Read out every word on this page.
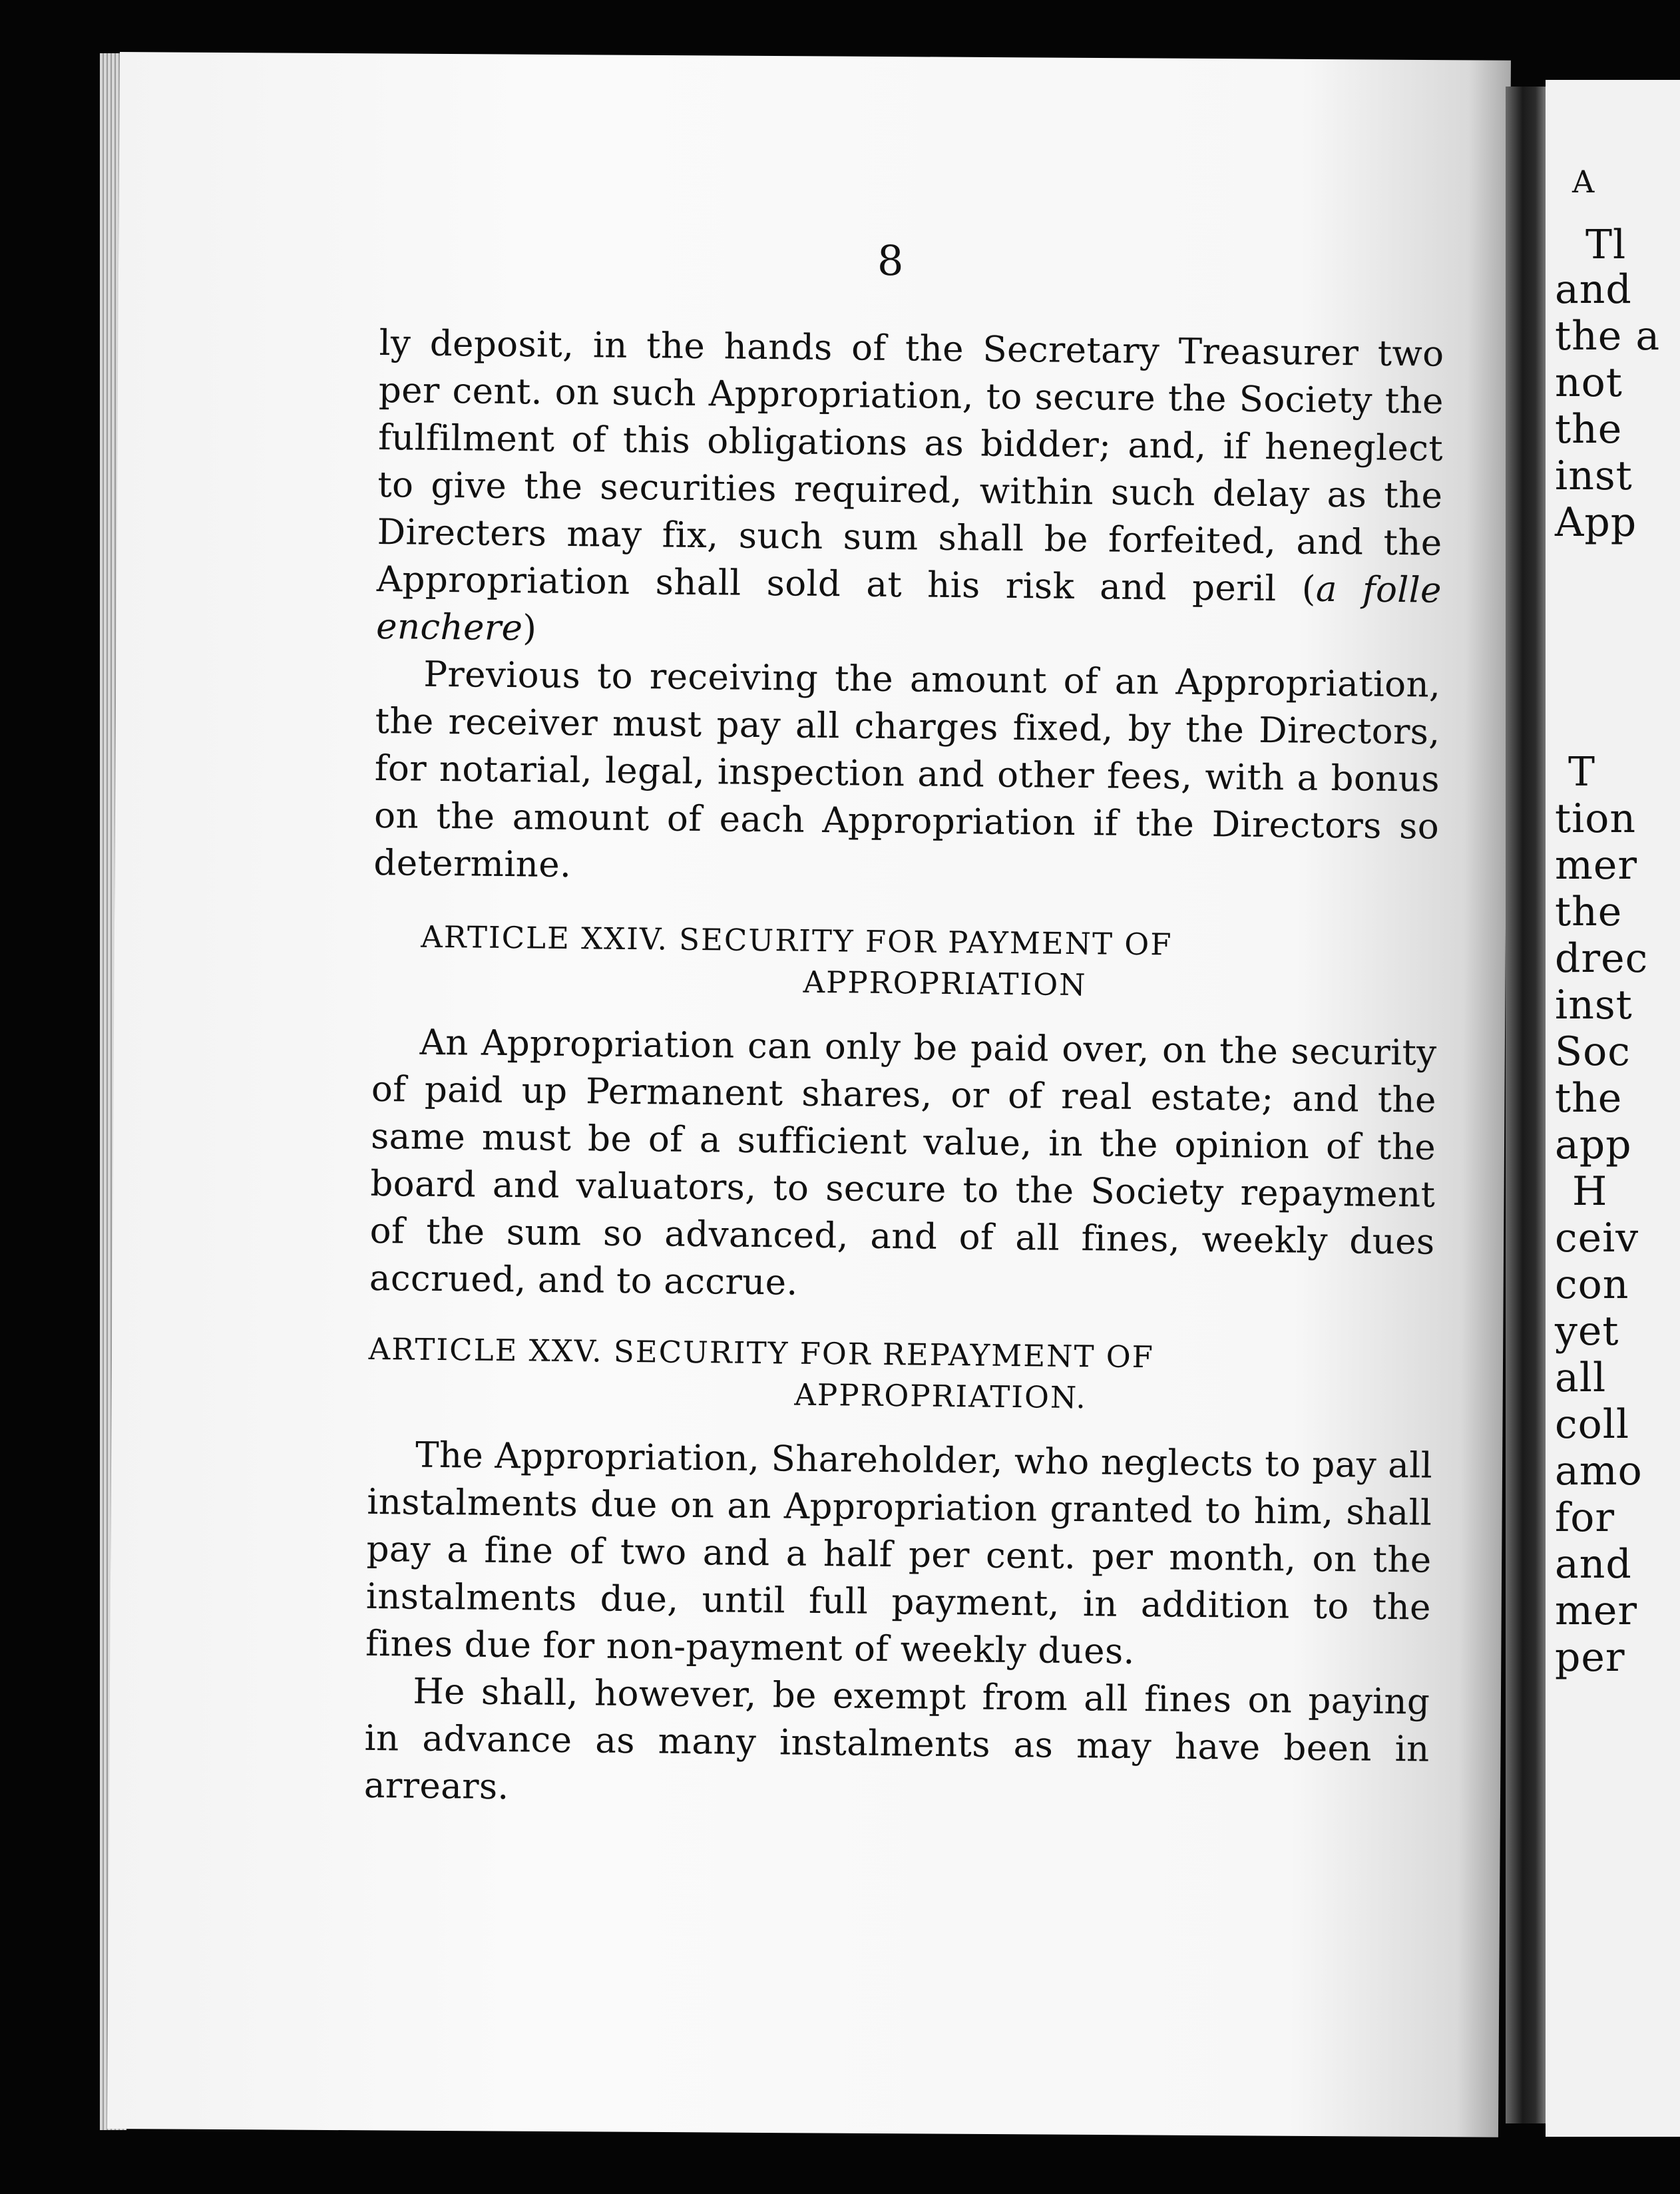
A
Tl
and
the a
not
the
inst
App
T
tion
mer
the
drec
inst
Soc
the
app
H
ceiv
con
yet
all
coll
amo
for
and
mer
per
8

ly deposit, in the hands of the Secretary Treasurer two per cent. on such Appropriation, to secure the Society the fulfilment of this obligations as bidder; and, if heneglect to give the securities required, within such delay as the Directers may fix, such sum shall be forfeited, and the Appropriation shall sold at his risk and peril (a folle enchere)

Previous to receiving the amount of an Appropriation, the receiver must pay all charges fixed, by the Directors, for notarial, legal, inspection and other fees, with a bonus on the amount of each Appropriation if the Directors so determine.

ARTICLE XXIV. SECURITY FOR PAYMENT OF
APPROPRIATION

An Appropriation can only be paid over, on the security of paid up Permanent shares, or of real estate; and the same must be of a sufficient value, in the opinion of the board and valuators, to secure to the Society repayment of the sum so advanced, and of all fines, weekly dues accrued, and to accrue.

ARTICLE XXV. SECURITY FOR REPAYMENT OF
APPROPRIATION.

The Appropriation, Shareholder, who neglects to pay all instalments due on an Appropriation granted to him, shall pay a fine of two and a half per cent. per month, on the instalments due, until full payment, in addition to the fines due for non-payment of weekly dues.

He shall, however, be exempt from all fines on paying in advance as many instalments as may have been in arrears.
